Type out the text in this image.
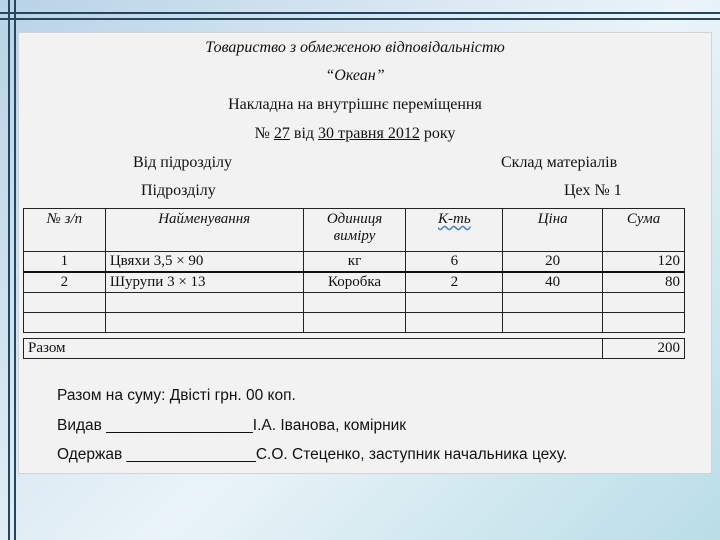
Товариство з обмеженою відповідальністю
“Океан”
Накладна на внутрішнє переміщення
№ 27 від 30 травня 2012 року
Від підрозділу	Склад матеріалів
Підрозділу	Цех № 1
№ з/п	Найменування	Одиниця виміру	К-ть	Ціна	Сума
1	Цвяхи 3,5 × 90	кг	6	20	120
2	Шурупи 3 × 13	Коробка	2	40	80

Разом					200
Разом на суму: Двісті грн. 00 коп.
Видав _________________І.А. Іванова, комірник
Одержав _______________С.О. Стеценко, заступник начальника цеху.
